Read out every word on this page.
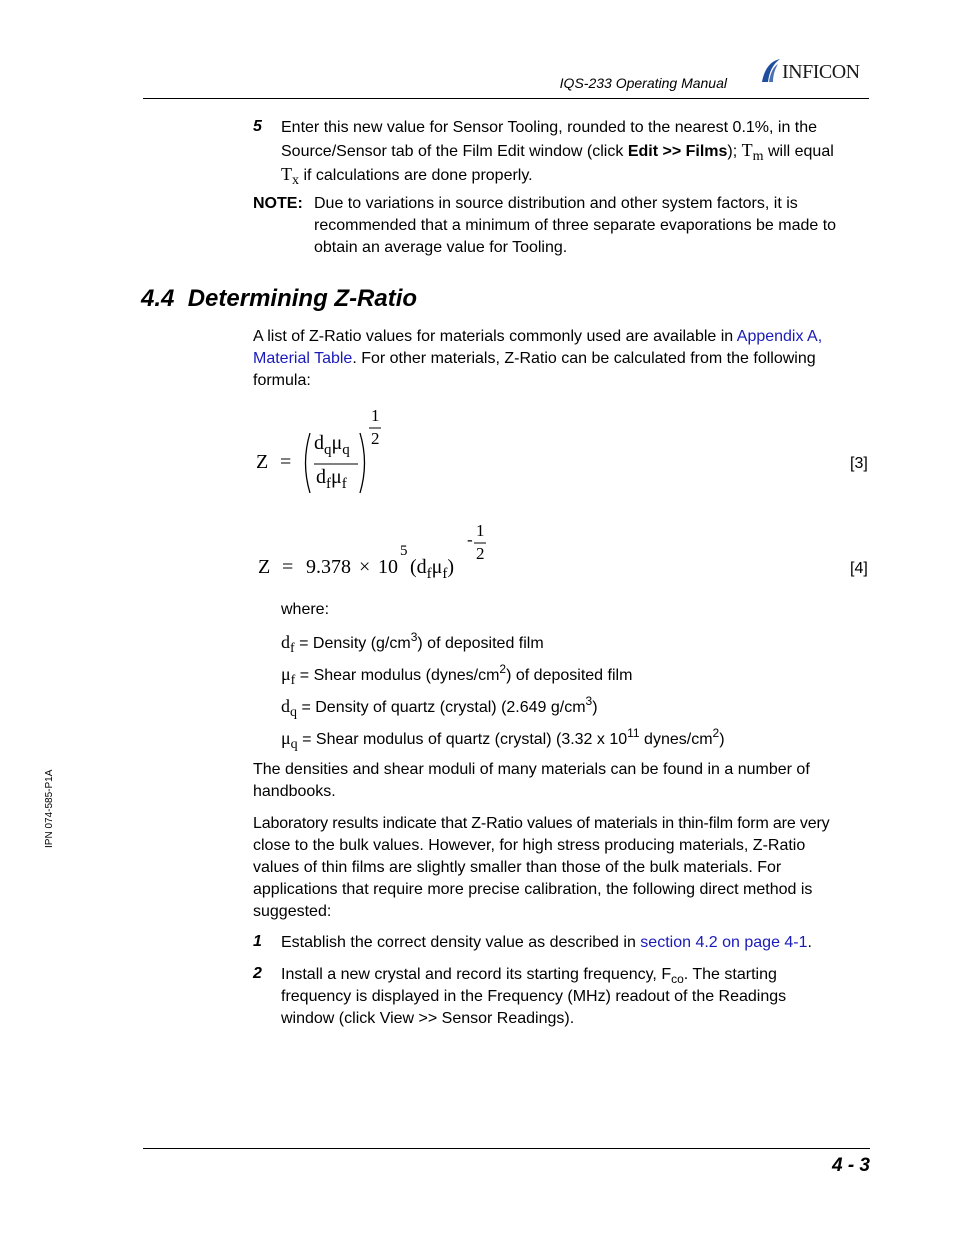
IQS-233 Operating Manual	INFICON
IPN 074-585-P1A
5 Enter this new value for Sensor Tooling, rounded to the nearest 0.1%, in the
Source/Sensor tab of the Film Edit window (click Edit >> Films); $T_m$ will equal
$T_x$ if calculations are done properly.
NOTE: Due to variations in source distribution and other system factors, it is
recommended that a minimum of three separate evaporations be made to
obtain an average value for Tooling.
4.4 Determining Z-Ratio
A list of Z-Ratio values for materials commonly used are available in Appendix A,
Material Table. For other materials, Z-Ratio can be calculated from the following
formula:
Z =
$d_q\mu_q$
$d_f\mu_f$
1
2
[3]
Z = 9.378 × 10
5
$(d_f\mu_f)$
- 1
2
[4]
where:
$d_f$ = Density $(g/cm^3)$ of deposited film
$\mu_f$ = Shear modulus $(dynes/cm^2)$ of deposited film
$d_q$ = Density of quartz (crystal) (2.649 $g/cm^3$)
$\mu_q$ = Shear modulus of quartz (crystal) (3.32 x $10^{11}$ dynes/$cm^2$)
The densities and shear moduli of many materials can be found in a number of
handbooks.
Laboratory results indicate that Z-Ratio values of materials in thin-film form are very
close to the bulk values. However, for high stress producing materials, Z-Ratio
values of thin films are slightly smaller than those of the bulk materials. For
applications that require more precise calibration, the following direct method is
suggested:
1 Establish the correct density value as described in section 4.2 on page 4-1.
2 Install a new crystal and record its starting frequency, $F_{co}$. The starting
frequency is displayed in the Frequency (MHz) readout of the Readings
window (click View >> Sensor Readings).
4 - 3
